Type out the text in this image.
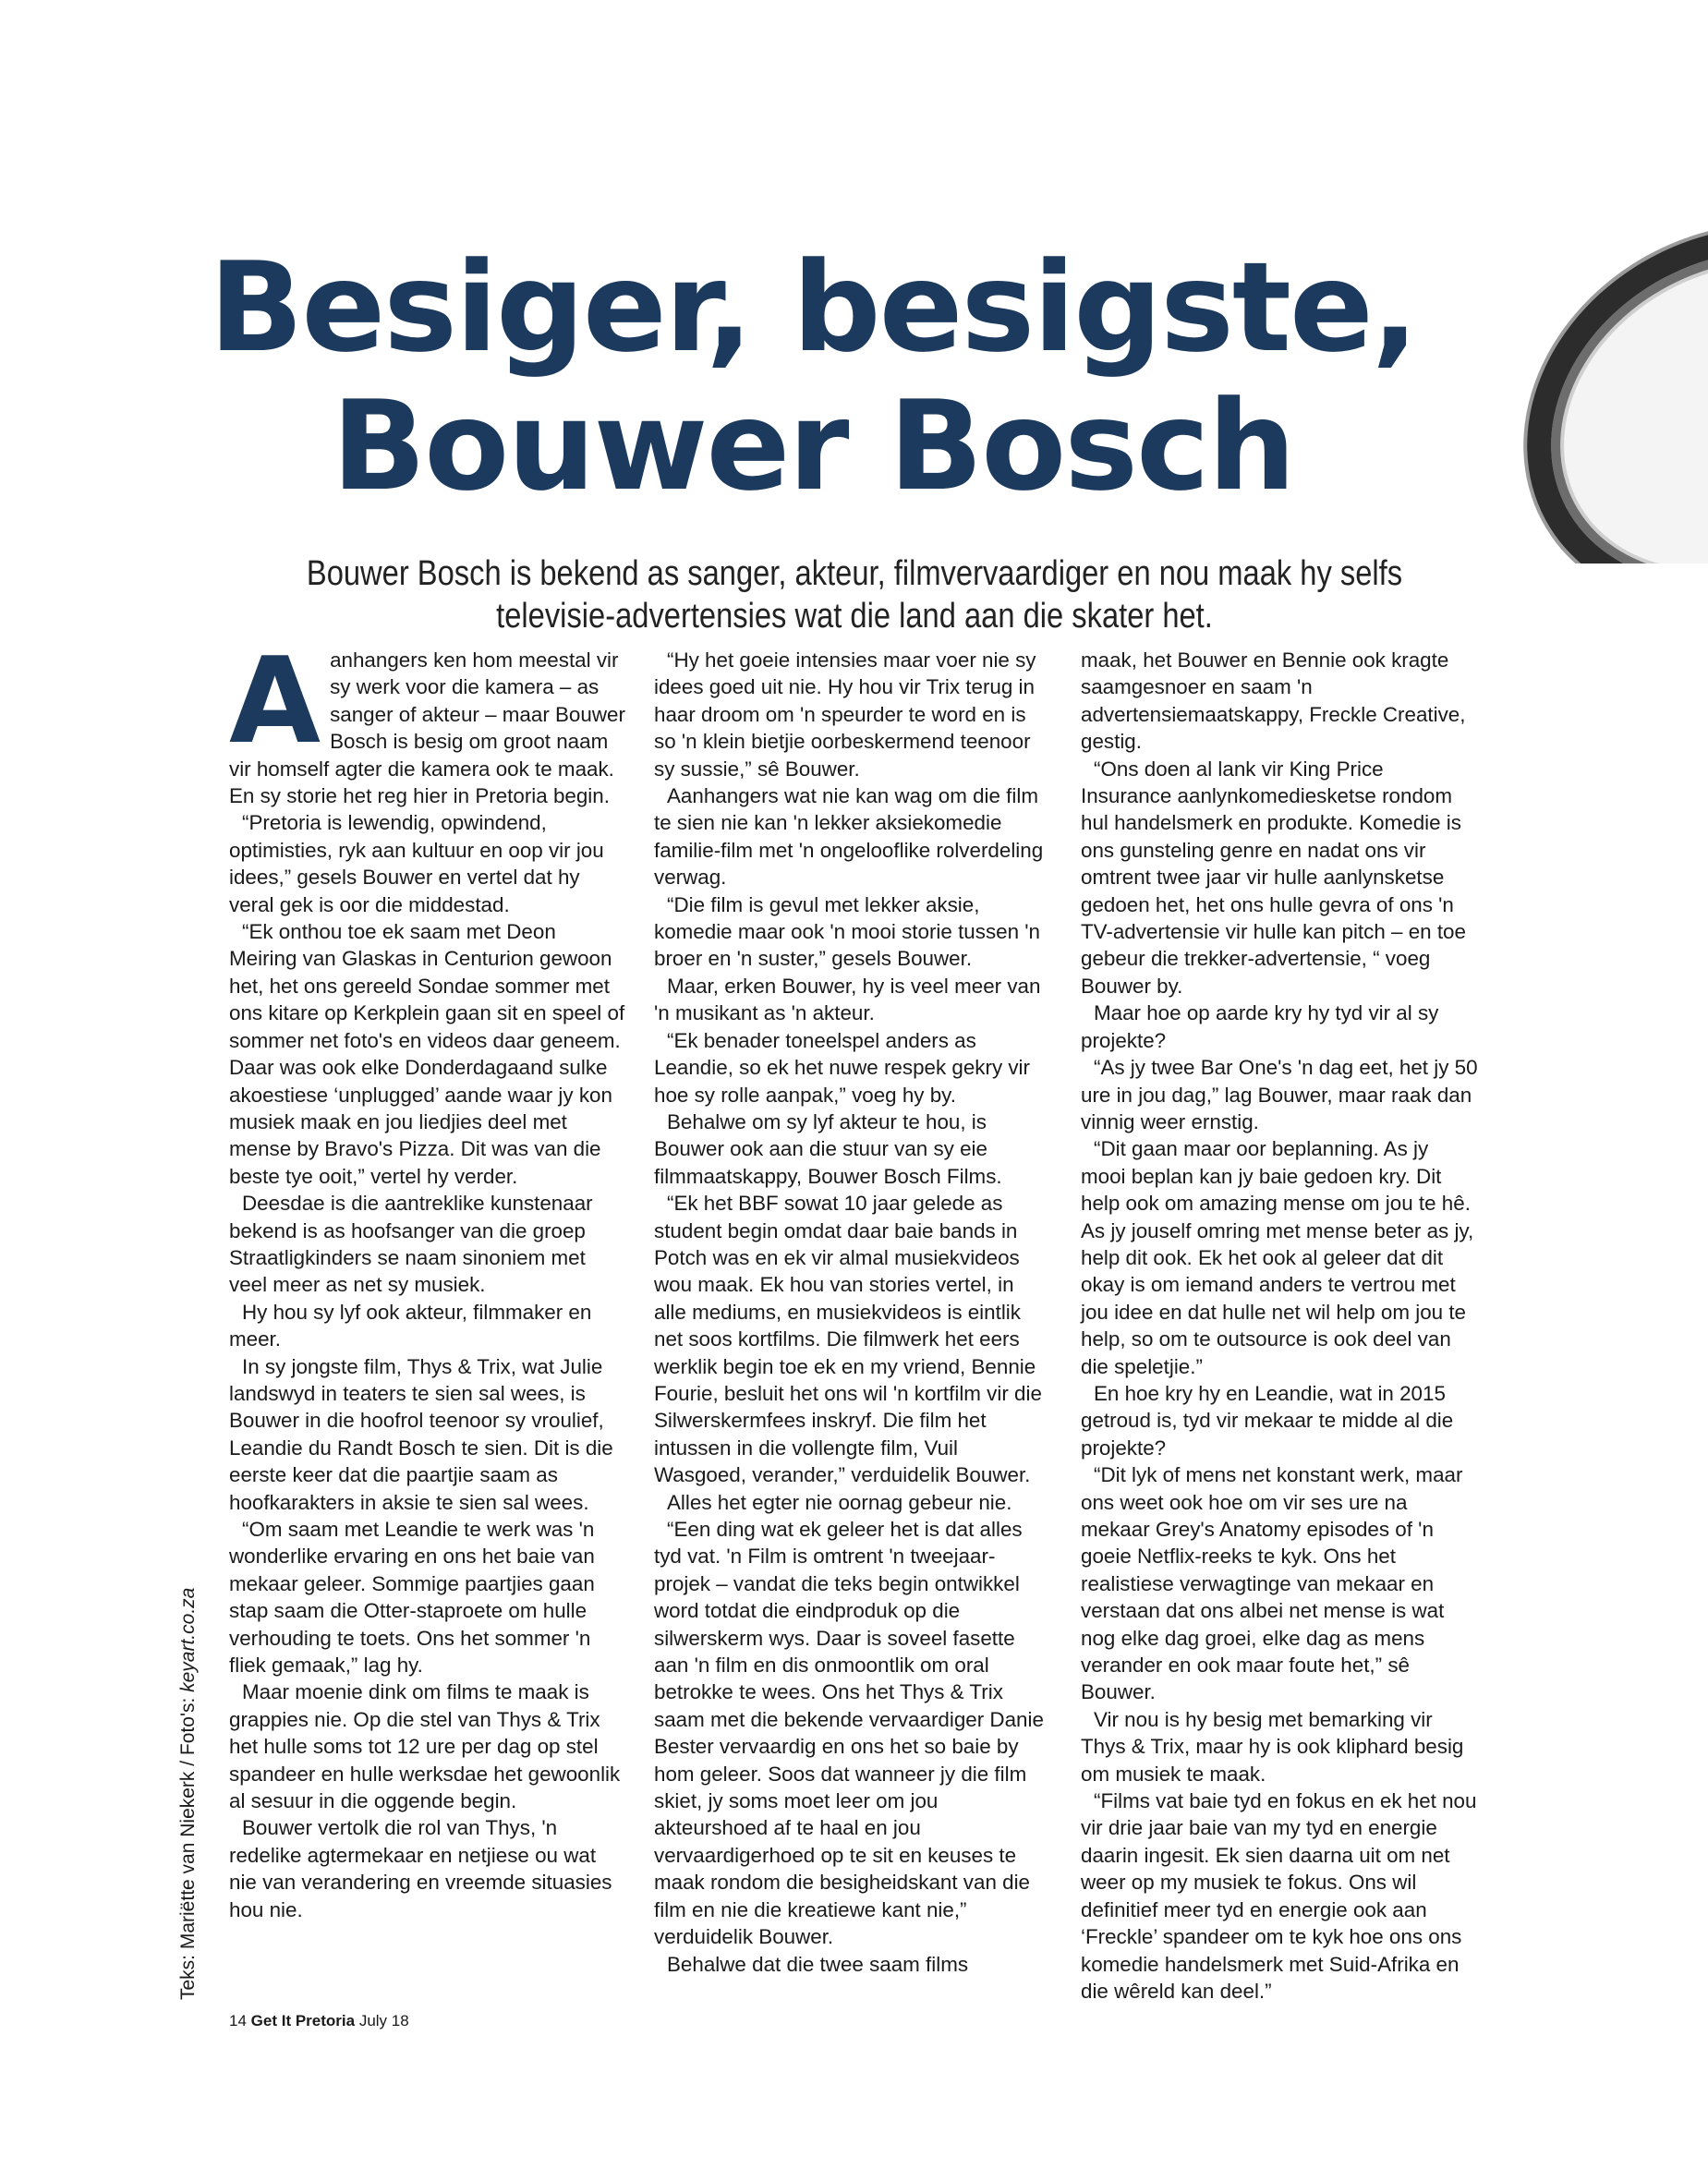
Besiger, besigste,
Bouwer Bosch

Bouwer Bosch is bekend as sanger, akteur, filmvervaardiger en nou maak hy selfs televisie-advertensies wat die land aan die skater het.

A anhangers ken hom meestal vir sy werk voor die kamera – as sanger of akteur – maar Bouwer Bosch is besig om groot naam vir homself agter die kamera ook te maak. En sy storie het reg hier in Pretoria begin.

“Pretoria is lewendig, opwindend, optimisties, ryk aan kultuur en oop vir jou idees,” gesels Bouwer en vertel dat hy veral gek is oor die middestad.

“Ek onthou toe ek saam met Deon Meiring van Glaskas in Centurion gewoon het, het ons gereeld Sondae sommer met ons kitare op Kerkplein gaan sit en speel of sommer net foto's en videos daar geneem. Daar was ook elke Donderdagaand sulke akoestiese ‘unplugged’ aande waar jy kon musiek maak en jou liedjies deel met mense by Bravo's Pizza. Dit was van die beste tye ooit,” vertel hy verder.

Deesdae is die aantreklike kunstenaar bekend is as hoofsanger van die groep Straatligkinders se naam sinoniem met veel meer as net sy musiek.

Hy hou sy lyf ook akteur, filmmaker en meer.

In sy jongste film, Thys & Trix, wat Julie landswyd in teaters te sien sal wees, is Bouwer in die hoofrol teenoor sy vroulief, Leandie du Randt Bosch te sien. Dit is die eerste keer dat die paartjie saam as hoofkarakters in aksie te sien sal wees.

“Om saam met Leandie te werk was 'n wonderlike ervaring en ons het baie van mekaar geleer. Sommige paartjies gaan stap saam die Otter-staproete om hulle verhouding te toets. Ons het sommer 'n fliek gemaak,” lag hy.

Maar moenie dink om films te maak is grappies nie. Op die stel van Thys & Trix het hulle soms tot 12 ure per dag op stel spandeer en hulle werksdae het gewoonlik al sesuur in die oggende begin.

Bouwer vertolk die rol van Thys, 'n redelike agtermekaar en netjiese ou wat nie van verandering en vreemde situasies hou nie.

“Hy het goeie intensies maar voer nie sy idees goed uit nie. Hy hou vir Trix terug in haar droom om 'n speurder te word en is so 'n klein bietjie oorbeskermend teenoor sy sussie,” sê Bouwer.

Aanhangers wat nie kan wag om die film te sien nie kan 'n lekker aksiekomedie familie-film met 'n ongelooflike rolverdeling verwag.

“Die film is gevul met lekker aksie, komedie maar ook 'n mooi storie tussen 'n broer en 'n suster,” gesels Bouwer.

Maar, erken Bouwer, hy is veel meer van 'n musikant as 'n akteur.

“Ek benader toneelspel anders as Leandie, so ek het nuwe respek gekry vir hoe sy rolle aanpak,” voeg hy by.

Behalwe om sy lyf akteur te hou, is Bouwer ook aan die stuur van sy eie filmmaatskappy, Bouwer Bosch Films.

“Ek het BBF sowat 10 jaar gelede as student begin omdat daar baie bands in Potch was en ek vir almal musiekvideos wou maak. Ek hou van stories vertel, in alle mediums, en musiekvideos is eintlik net soos kortfilms. Die filmwerk het eers werklik begin toe ek en my vriend, Bennie Fourie, besluit het ons wil 'n kortfilm vir die Silwerskermfees inskryf. Die film het intussen in die vollengte film, Vuil Wasgoed, verander,” verduidelik Bouwer.

Alles het egter nie oornag gebeur nie.

“Een ding wat ek geleer het is dat alles tyd vat. 'n Film is omtrent 'n tweejaar-projek – vandat die teks begin ontwikkel word totdat die eindproduk op die silwerskerm wys. Daar is soveel fasette aan 'n film en dis onmoontlik om oral betrokke te wees. Ons het Thys & Trix saam met die bekende vervaardiger Danie Bester vervaardig en ons het so baie by hom geleer. Soos dat wanneer jy die film skiet, jy soms moet leer om jou akteurshoed af te haal en jou vervaardigerhoed op te sit en keuses te maak rondom die besigheidskant van die film en nie die kreatiewe kant nie,” verduidelik Bouwer.

Behalwe dat die twee saam films

maak, het Bouwer en Bennie ook kragte saamgesnoer en saam 'n advertensiemaatskappy, Freckle Creative, gestig.

“Ons doen al lank vir King Price Insurance aanlynkomediesketse rondom hul handelsmerk en produkte. Komedie is ons gunsteling genre en nadat ons vir omtrent twee jaar vir hulle aanlynsketse gedoen het, het ons hulle gevra of ons 'n TV-advertensie vir hulle kan pitch – en toe gebeur die trekker-advertensie, “ voeg Bouwer by.

Maar hoe op aarde kry hy tyd vir al sy projekte?

“As jy twee Bar One's 'n dag eet, het jy 50 ure in jou dag,” lag Bouwer, maar raak dan vinnig weer ernstig.

“Dit gaan maar oor beplanning. As jy mooi beplan kan jy baie gedoen kry. Dit help ook om amazing mense om jou te hê. As jy jouself omring met mense beter as jy, help dit ook. Ek het ook al geleer dat dit okay is om iemand anders te vertrou met jou idee en dat hulle net wil help om jou te help, so om te outsource is ook deel van die speletjie.”

En hoe kry hy en Leandie, wat in 2015 getroud is, tyd vir mekaar te midde al die projekte?

“Dit lyk of mens net konstant werk, maar ons weet ook hoe om vir ses ure na mekaar Grey's Anatomy episodes of 'n goeie Netflix-reeks te kyk. Ons het realistiese verwagtinge van mekaar en verstaan dat ons albei net mense is wat nog elke dag groei, elke dag as mens verander en ook maar foute het,” sê Bouwer.

Vir nou is hy besig met bemarking vir Thys & Trix, maar hy is ook kliphard besig om musiek te maak.

“Films vat baie tyd en fokus en ek het nou vir drie jaar baie van my tyd en energie daarin ingesit. Ek sien daarna uit om net weer op my musiek te fokus. Ons wil definitief meer tyd en energie ook aan ‘Freckle’ spandeer om te kyk hoe ons ons komedie handelsmerk met Suid-Afrika en die wêreld kan deel.”

Teks: Mariëtte van Niekerk / Foto's: keyart.co.za
14 Get It Pretoria July 18
